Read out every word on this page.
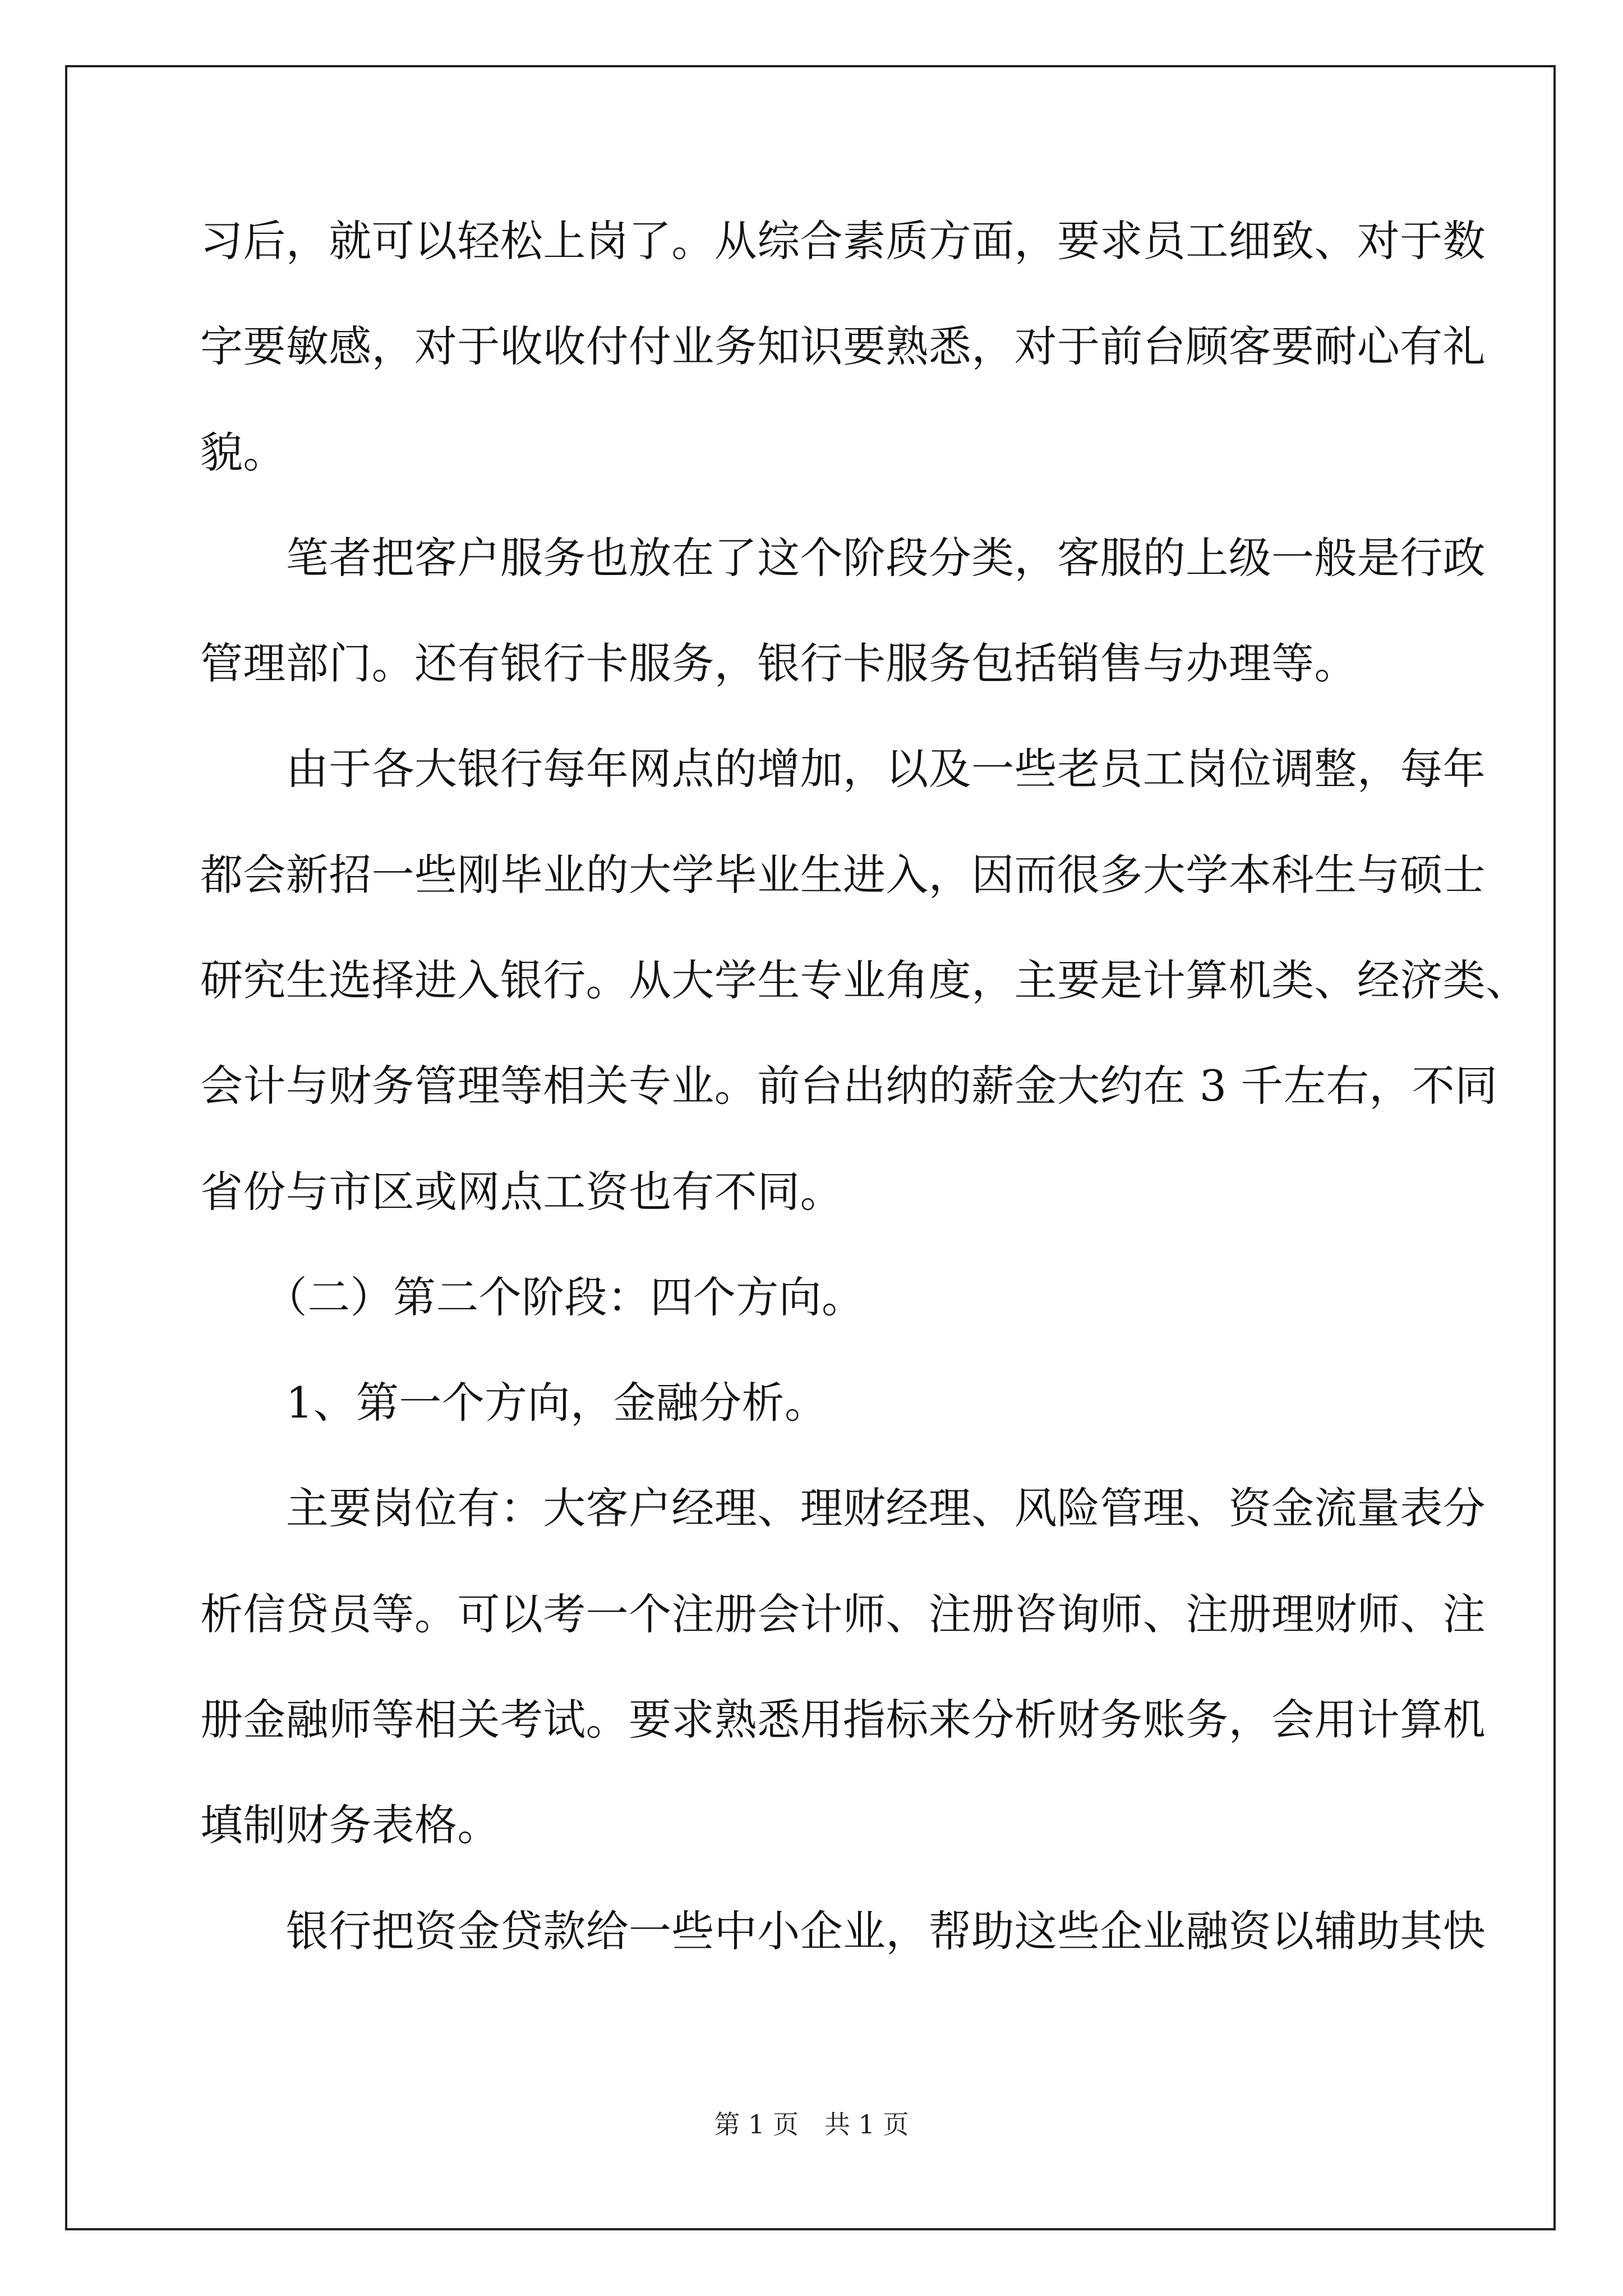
习后，就可以轻松上岗了。从综合素质方面，要求员工细致、对于数
字要敏感，对于收收付付业务知识要熟悉，对于前台顾客要耐心有礼
貌。
　　笔者把客户服务也放在了这个阶段分类，客服的上级一般是行政
管理部门。还有银行卡服务，银行卡服务包括销售与办理等。
　　由于各大银行每年网点的增加，以及一些老员工岗位调整，每年
都会新招一些刚毕业的大学毕业生进入，因而很多大学本科生与硕士
研究生选择进入银行。从大学生专业角度，主要是计算机类、经济类、
会计与财务管理等相关专业。前台出纳的薪金大约在 3 千左右，不同
省份与市区或网点工资也有不同。
　　（二）第二个阶段：四个方向。
　　1、第一个方向，金融分析。
　　主要岗位有：大客户经理、理财经理、风险管理、资金流量表分
析信贷员等。可以考一个注册会计师、注册咨询师、注册理财师、注
册金融师等相关考试。要求熟悉用指标来分析财务账务，会用计算机
填制财务表格。
　　银行把资金贷款给一些中小企业，帮助这些企业融资以辅助其快
第 1 页　共 1 页
